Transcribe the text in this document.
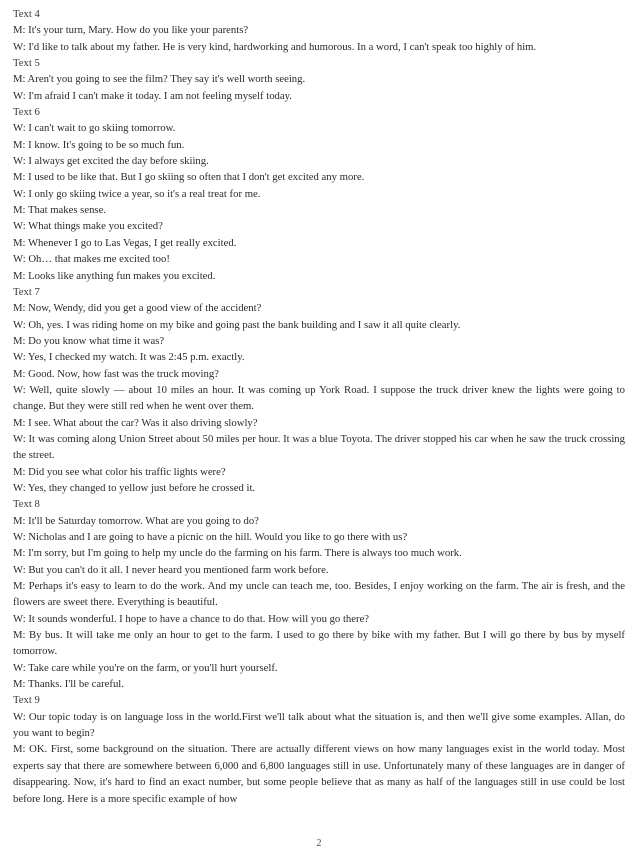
Text 4

M: It's your turn, Mary. How do you like your parents?

W: I'd like to talk about my father. He is very kind, hardworking and humorous. In a word, I can't speak too highly of him.

Text 5

M: Aren't you going to see the film? They say it's well worth seeing.

W: I'm afraid I can't make it today. I am not feeling myself today.

Text 6

W: I can't wait to go skiing tomorrow.

M: I know. It's going to be so much fun.

W: I always get excited the day before skiing.

M: I used to be like that. But I go skiing so often that I don't get excited any more.

W: I only go skiing twice a year, so it's a real treat for me.

M: That makes sense.

W: What things make you excited?

M: Whenever I go to Las Vegas, I get really excited.

W: Oh… that makes me excited too!

M: Looks like anything fun makes you excited.

Text 7

M: Now, Wendy, did you get a good view of the accident?

W: Oh, yes. I was riding home on my bike and going past the bank building and I saw it all quite clearly.

M: Do you know what time it was?

W: Yes, I checked my watch. It was 2:45 p.m. exactly.

M: Good. Now, how fast was the truck moving?

W: Well, quite slowly — about 10 miles an hour. It was coming up York Road. I suppose the truck driver knew the lights were going to change. But they were still red when he went over them.

M: I see. What about the car? Was it also driving slowly?

W: It was coming along Union Street about 50 miles per hour. It was a blue Toyota. The driver stopped his car when he saw the truck crossing the street.

M: Did you see what color his traffic lights were?

W: Yes, they changed to yellow just before he crossed it.

Text 8

M: It'll be Saturday tomorrow. What are you going to do?

W: Nicholas and I are going to have a picnic on the hill. Would you like to go there with us?

M: I'm sorry, but I'm going to help my uncle do the farming on his farm. There is always too much work.

W: But you can't do it all. I never heard you mentioned farm work before.

M: Perhaps it's easy to learn to do the work. And my uncle can teach me, too. Besides, I enjoy working on the farm. The air is fresh, and the flowers are sweet there. Everything is beautiful.

W: It sounds wonderful. I hope to have a chance to do that. How will you go there?

M: By bus. It will take me only an hour to get to the farm. I used to go there by bike with my father. But I will go there by bus by myself tomorrow.

W: Take care while you're on the farm, or you'll hurt yourself.

M: Thanks. I'll be careful.

Text 9

W: Our topic today is on language loss in the world.First we'll talk about what the situation is, and then we'll give some examples. Allan, do you want to begin?

M: OK. First, some background on the situation. There are actually different views on how many languages exist in the world today. Most experts say that there are somewhere between 6,000 and 6,800 languages still in use. Unfortunately many of these languages are in danger of disappearing. Now, it's hard to find an exact number, but some people believe that as many as half of the languages still in use could be lost before long. Here is a more specific example of how

2
